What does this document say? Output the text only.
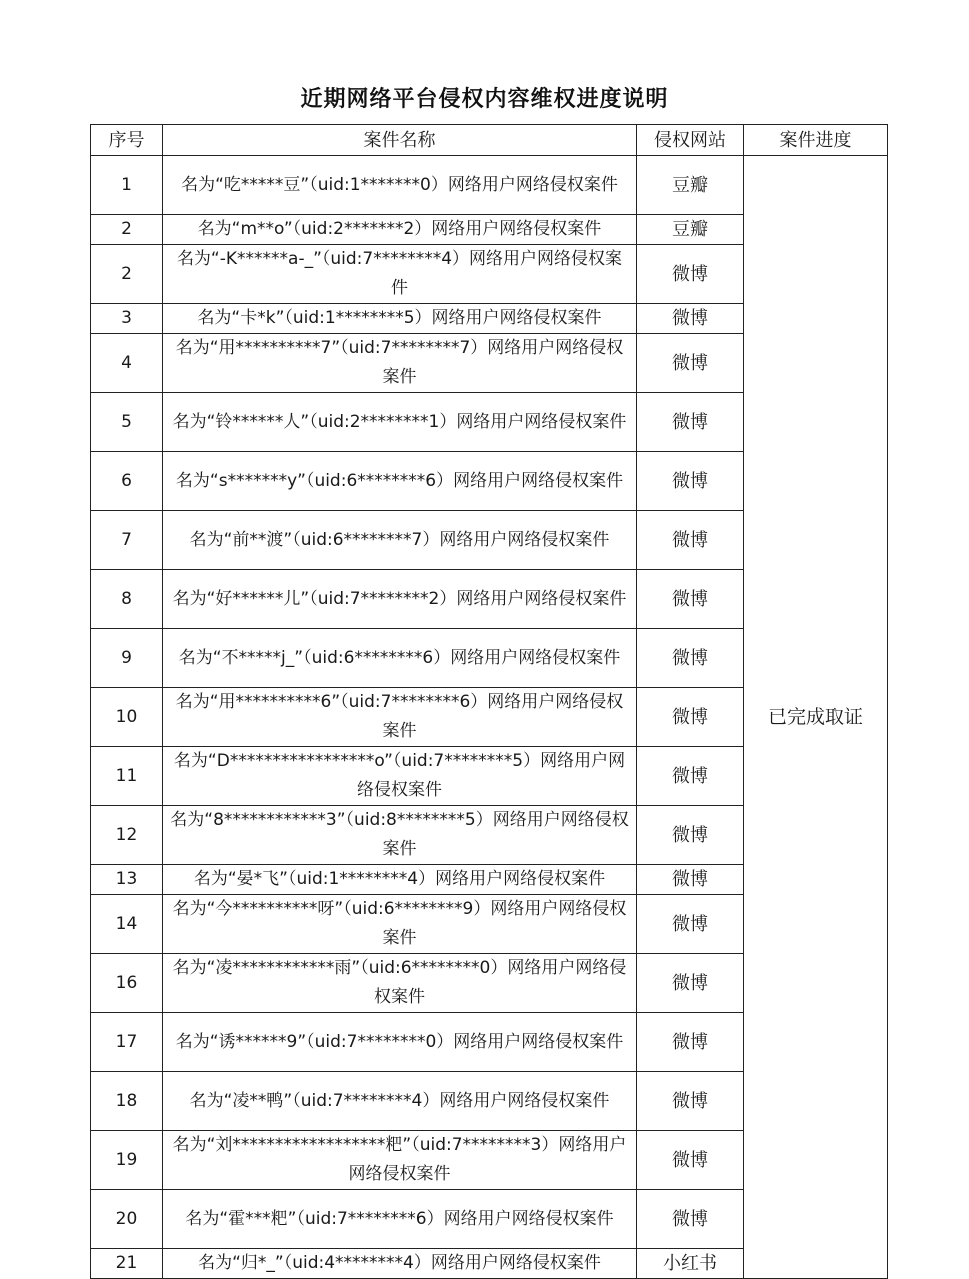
近期网络平台侵权内容维权进度说明
序号	案件名称	侵权网站	案件进度
1	名为“吃*****豆”（uid:1*******0）网络用户网络侵权案件	豆瓣	已完成取证
2	名为“m**o”（uid:2*******2）网络用户网络侵权案件	豆瓣	
2	名为“-K******a-_”（uid:7********4）网络用户网络侵权案件	微博	
3	名为“卡*k”（uid:1********5）网络用户网络侵权案件	微博	
4	名为“用**********7”（uid:7********7）网络用户网络侵权案件	微博	
5	名为“铃******人”（uid:2********1）网络用户网络侵权案件	微博	
6	名为“s*******y”（uid:6********6）网络用户网络侵权案件	微博	
7	名为“前**渡”（uid:6********7）网络用户网络侵权案件	微博	
8	名为“好******儿”（uid:7********2）网络用户网络侵权案件	微博	
9	名为“不*****j_”（uid:6********6）网络用户网络侵权案件	微博	
10	名为“用**********6”（uid:7********6）网络用户网络侵权案件	微博	
11	名为“D*****************o”（uid:7********5）网络用户网络侵权案件	微博	
12	名为“8************3”（uid:8********5）网络用户网络侵权案件	微博	
13	名为“晏*飞”（uid:1********4）网络用户网络侵权案件	微博	
14	名为“今**********呀”（uid:6********9）网络用户网络侵权案件	微博	
16	名为“凌************雨”（uid:6********0）网络用户网络侵权案件	微博	
17	名为“诱******9”（uid:7********0）网络用户网络侵权案件	微博	
18	名为“凌**鸭”（uid:7********4）网络用户网络侵权案件	微博	
19	名为“刘******************粑”（uid:7********3）网络用户网络侵权案件	微博	
20	名为“霍***粑”（uid:7********6）网络用户网络侵权案件	微博	
21	名为“归*_”（uid:4********4）网络用户网络侵权案件	小红书	
